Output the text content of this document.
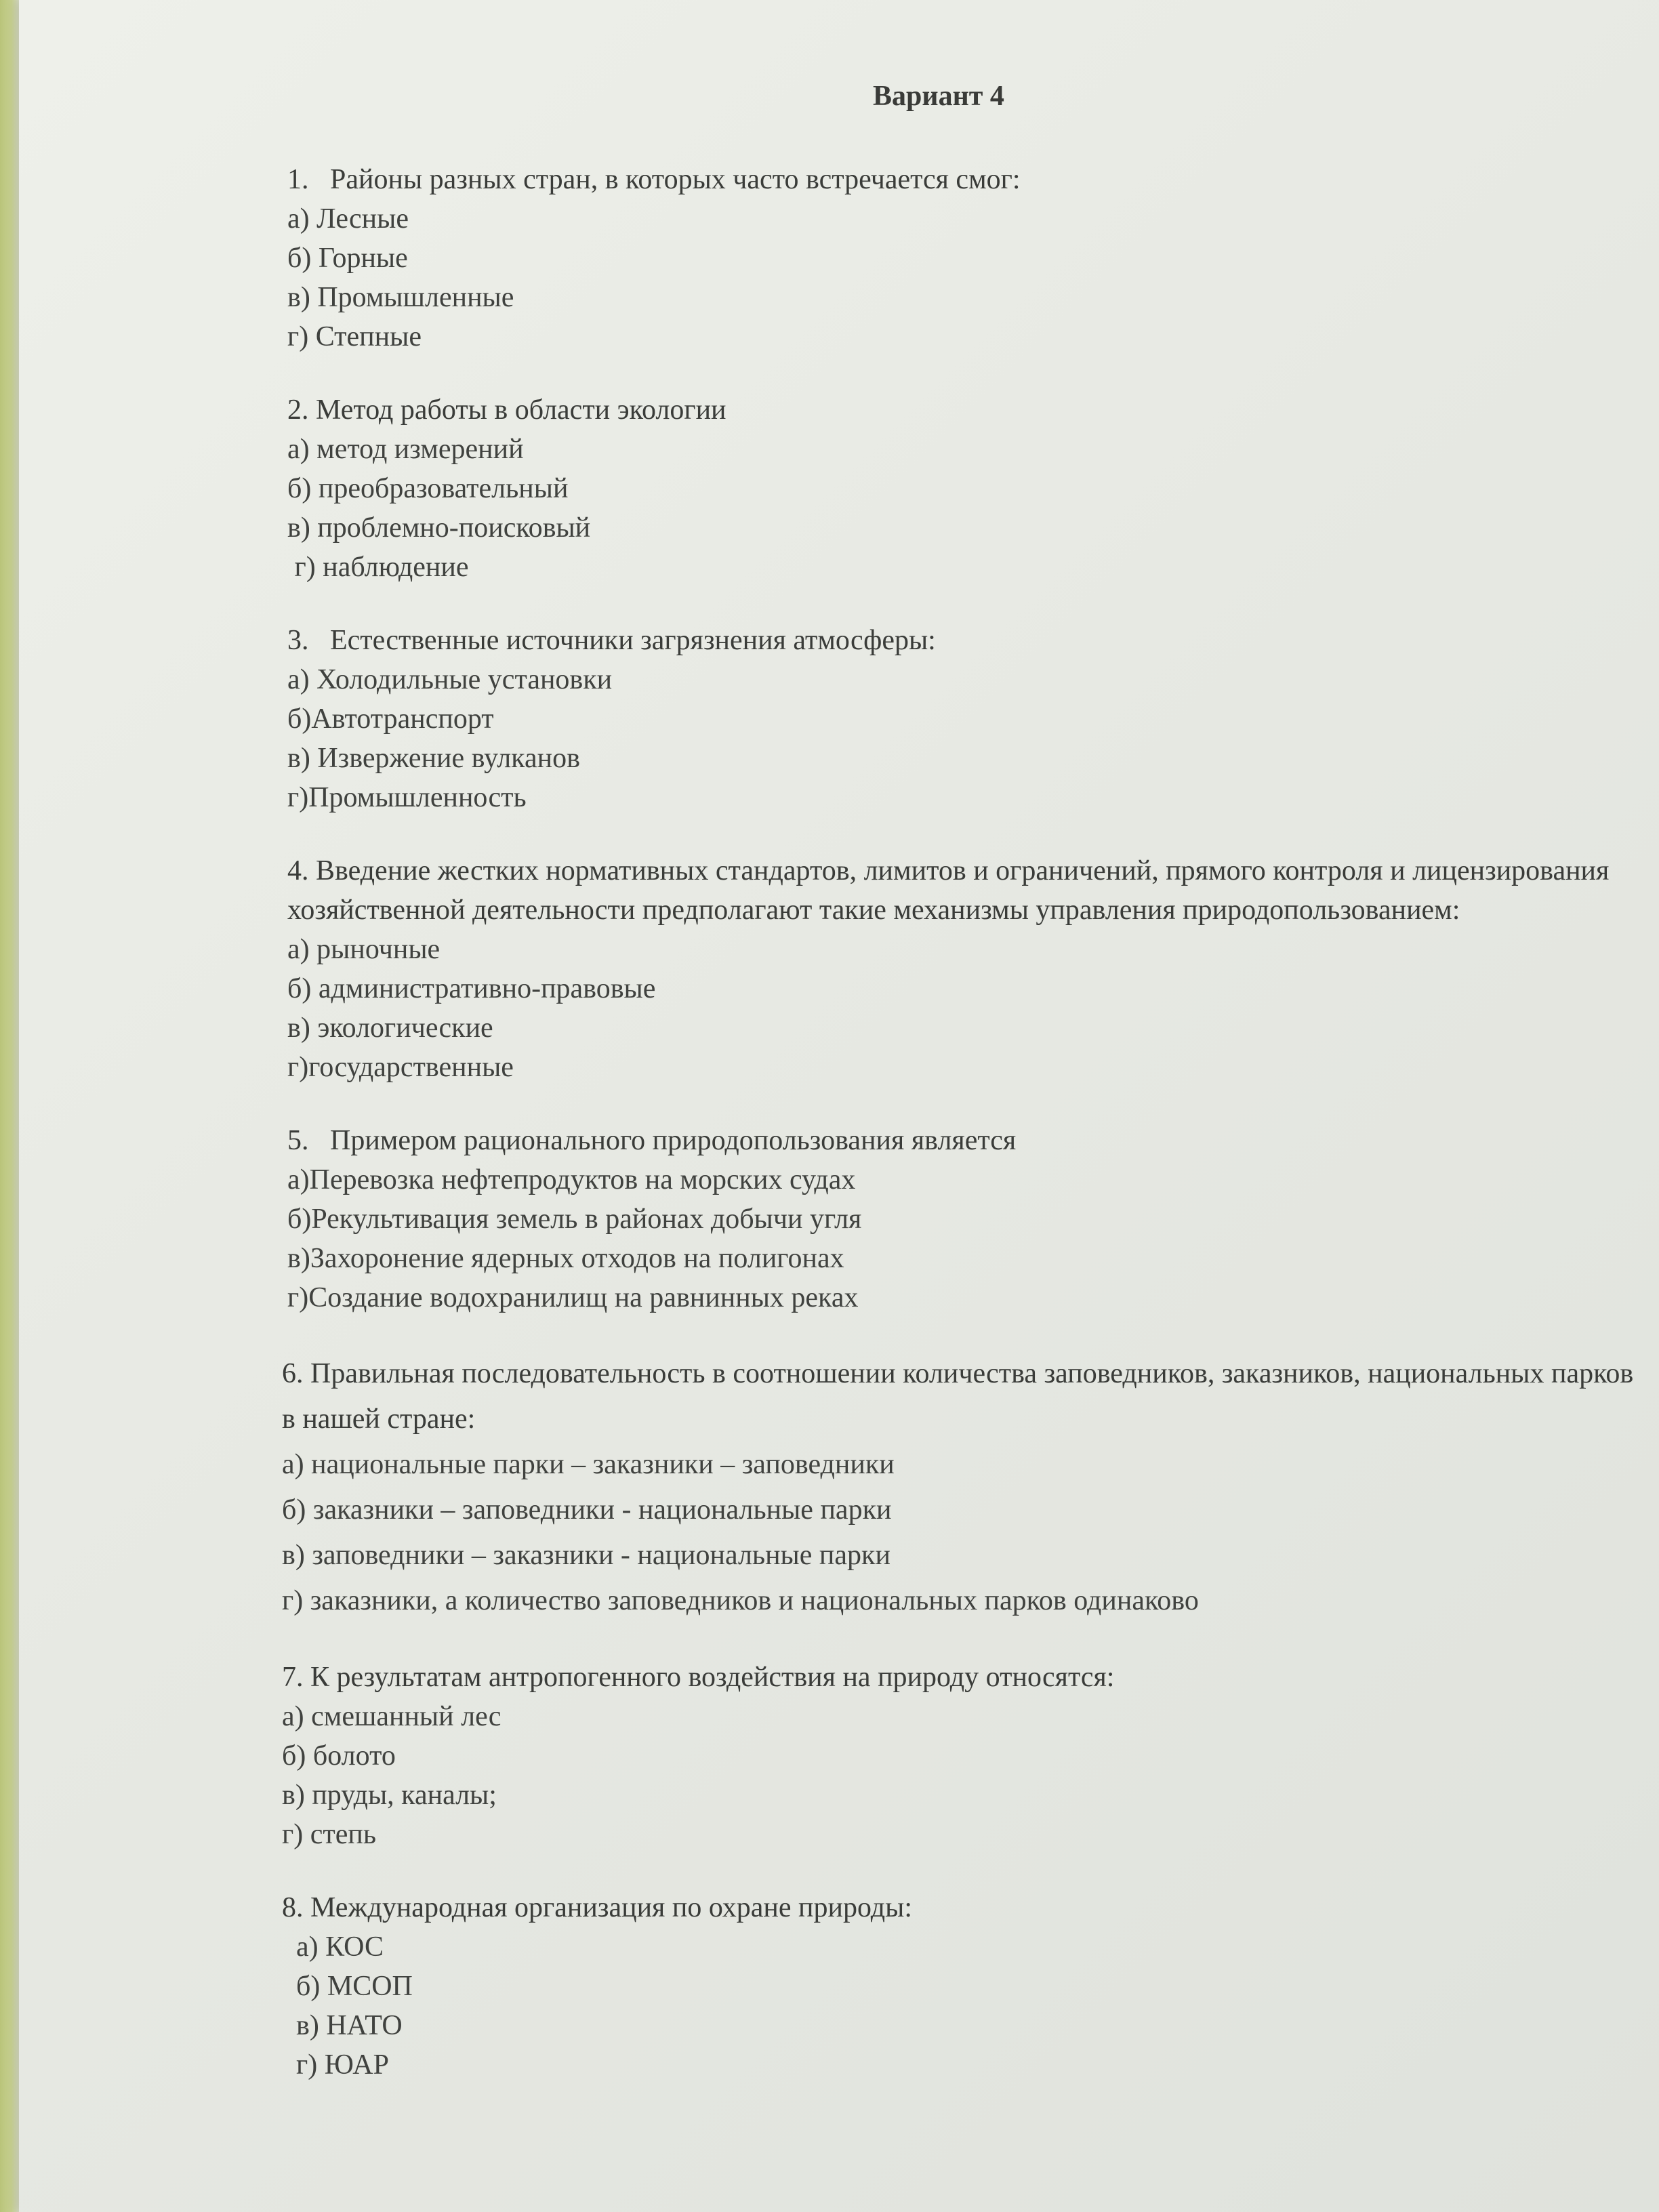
Вариант 4
1.   Районы разных стран, в которых часто встречается смог:
а) Лесные
б) Горные
в) Промышленные
г) Степные
2. Метод работы в области экологии
а) метод измерений
б) преобразовательный
в) проблемно-поисковый
г) наблюдение
3.   Естественные источники загрязнения атмосферы:
а) Холодильные установки
б)Автотранспорт
в) Извержение вулканов
г)Промышленность
4. Введение жестких нормативных стандартов, лимитов и ограничений, прямого контроля и лицензирования хозяйственной деятельности предполагают такие механизмы управления природопользованием:
а) рыночные
б) административно-правовые
в) экологические
г)государственные
5.   Примером рационального природопользования является
а)Перевозка нефтепродуктов на морских судах
б)Рекультивация земель в районах добычи угля
в)Захоронение ядерных отходов на полигонах
г)Создание водохранилищ на равнинных реках
6. Правильная последовательность в соотношении количества заповедников, заказников, национальных парков в нашей стране:
а) национальные парки – заказники – заповедники
б) заказники – заповедники - национальные парки
в) заповедники – заказники - национальные парки
г) заказники, а количество заповедников и национальных парков одинаково
7. К результатам антропогенного воздействия на природу относятся:
а) смешанный лес
б) болото
в) пруды, каналы;
г) степь
8. Международная организация по охране природы:
а) КОС
б) МСОП
в) НАТО
г) ЮАР
